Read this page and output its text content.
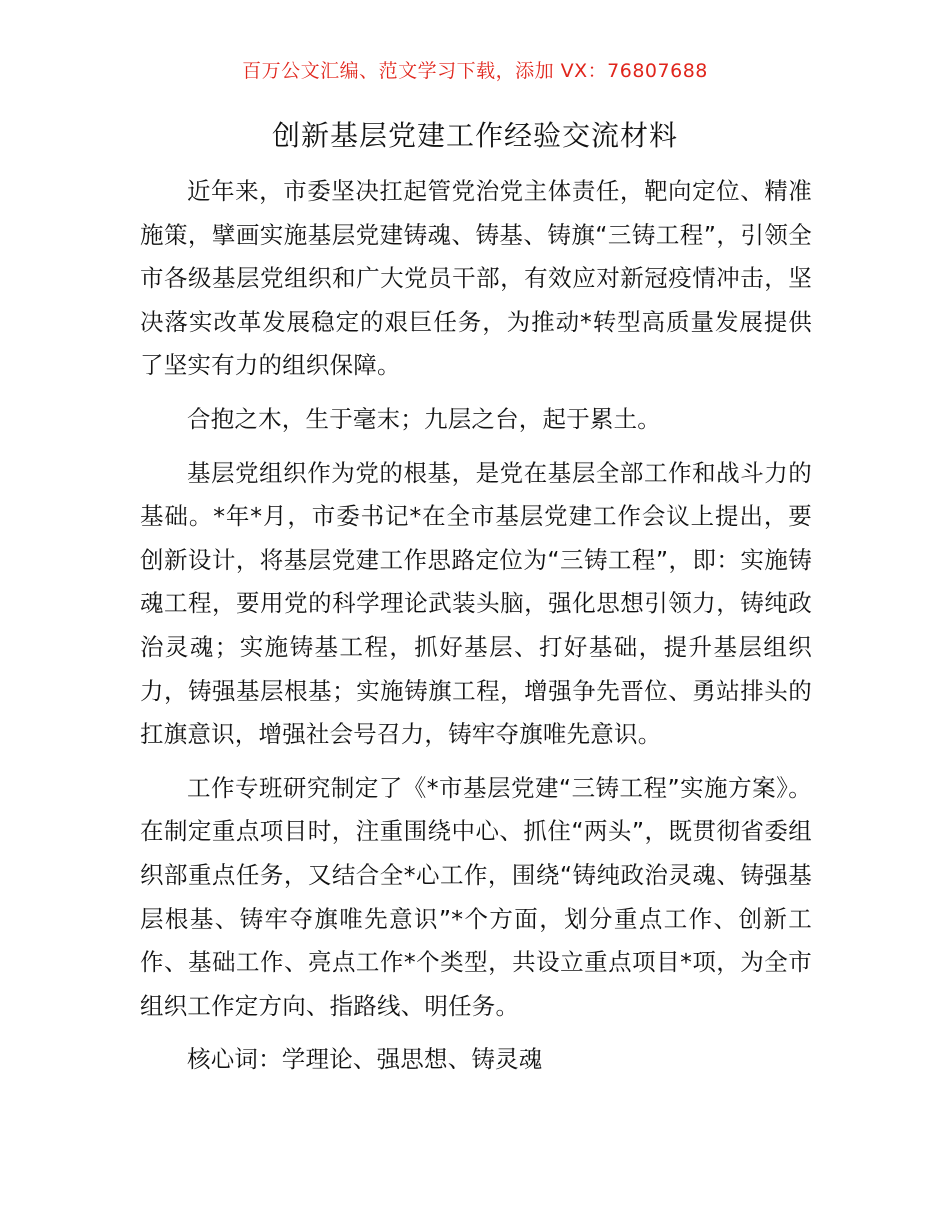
百万公文汇编、范文学习下载，添加 VX：76807688
创新基层党建工作经验交流材料

近年来，市委坚决扛起管党治党主体责任，靶向定位、精准施策，擘画实施基层党建铸魂、铸基、铸旗“三铸工程”，引领全市各级基层党组织和广大党员干部，有效应对新冠疫情冲击，坚决落实改革发展稳定的艰巨任务，为推动*转型高质量发展提供了坚实有力的组织保障。

合抱之木，生于毫末；九层之台，起于累土。

基层党组织作为党的根基，是党在基层全部工作和战斗力的基础。*年*月，市委书记*在全市基层党建工作会议上提出，要创新设计，将基层党建工作思路定位为“三铸工程”，即：实施铸魂工程，要用党的科学理论武装头脑，强化思想引领力，铸纯政治灵魂；实施铸基工程，抓好基层、打好基础，提升基层组织力，铸强基层根基；实施铸旗工程，增强争先晋位、勇站排头的扛旗意识，增强社会号召力，铸牢夺旗唯先意识。

工作专班研究制定了《*市基层党建“三铸工程”实施方案》。在制定重点项目时，注重围绕中心、抓住“两头”，既贯彻省委组织部重点任务，又结合全*心工作，围绕“铸纯政治灵魂、铸强基层根基、铸牢夺旗唯先意识”*个方面，划分重点工作、创新工作、基础工作、亮点工作*个类型，共设立重点项目*项，为全市组织工作定方向、指路线、明任务。

核心词：学理论、强思想、铸灵魂
